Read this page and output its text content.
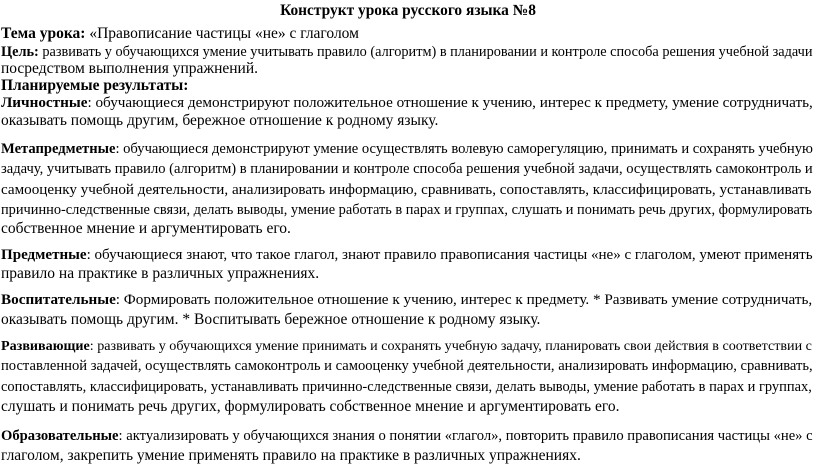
Конструкт урока русского языка №8
Тема урока: «Правописание частицы «не» с глаголом
Цель: развивать у обучающихся умение учитывать правило (алгоритм) в планировании и контроле способа решения учебной задачи
посредством выполнения упражнений.
Планируемые результаты:
Личностные: обучающиеся демонстрируют положительное отношение к учению, интерес к предмету, умение сотрудничать,
оказывать помощь другим, бережное отношение к родному языку.
Метапредметные: обучающиеся демонстрируют умение осуществлять волевую саморегуляцию, принимать и сохранять учебную
задачу, учитывать правило (алгоритм) в планировании и контроле способа решения учебной задачи, осуществлять самоконтроль и
самооценку учебной деятельности, анализировать информацию, сравнивать, сопоставлять, классифицировать, устанавливать
причинно-следственные связи, делать выводы, умение работать в парах и группах, слушать и понимать речь других, формулировать
собственное мнение и аргументировать его.
Предметные: обучающиеся знают, что такое глагол, знают правило правописания частицы «не» с глаголом, умеют применять
правило на практике в различных упражнениях.
Воспитательные: Формировать положительное отношение к учению, интерес к предмету. * Развивать умение сотрудничать,
оказывать помощь другим. * Воспитывать бережное отношение к родному языку.
Развивающие: развивать у обучающихся умение принимать и сохранять учебную задачу, планировать свои действия в соответствии с
поставленной задачей, осуществлять самоконтроль и самооценку учебной деятельности, анализировать информацию, сравнивать,
сопоставлять, классифицировать, устанавливать причинно-следственные связи, делать выводы, умение работать в парах и группах,
слушать и понимать речь других, формулировать собственное мнение и аргументировать его.
Образовательные: актуализировать у обучающихся знания о понятии «глагол», повторить правило правописания частицы «не» с
глаголом, закрепить умение применять правило на практике в различных упражнениях.
